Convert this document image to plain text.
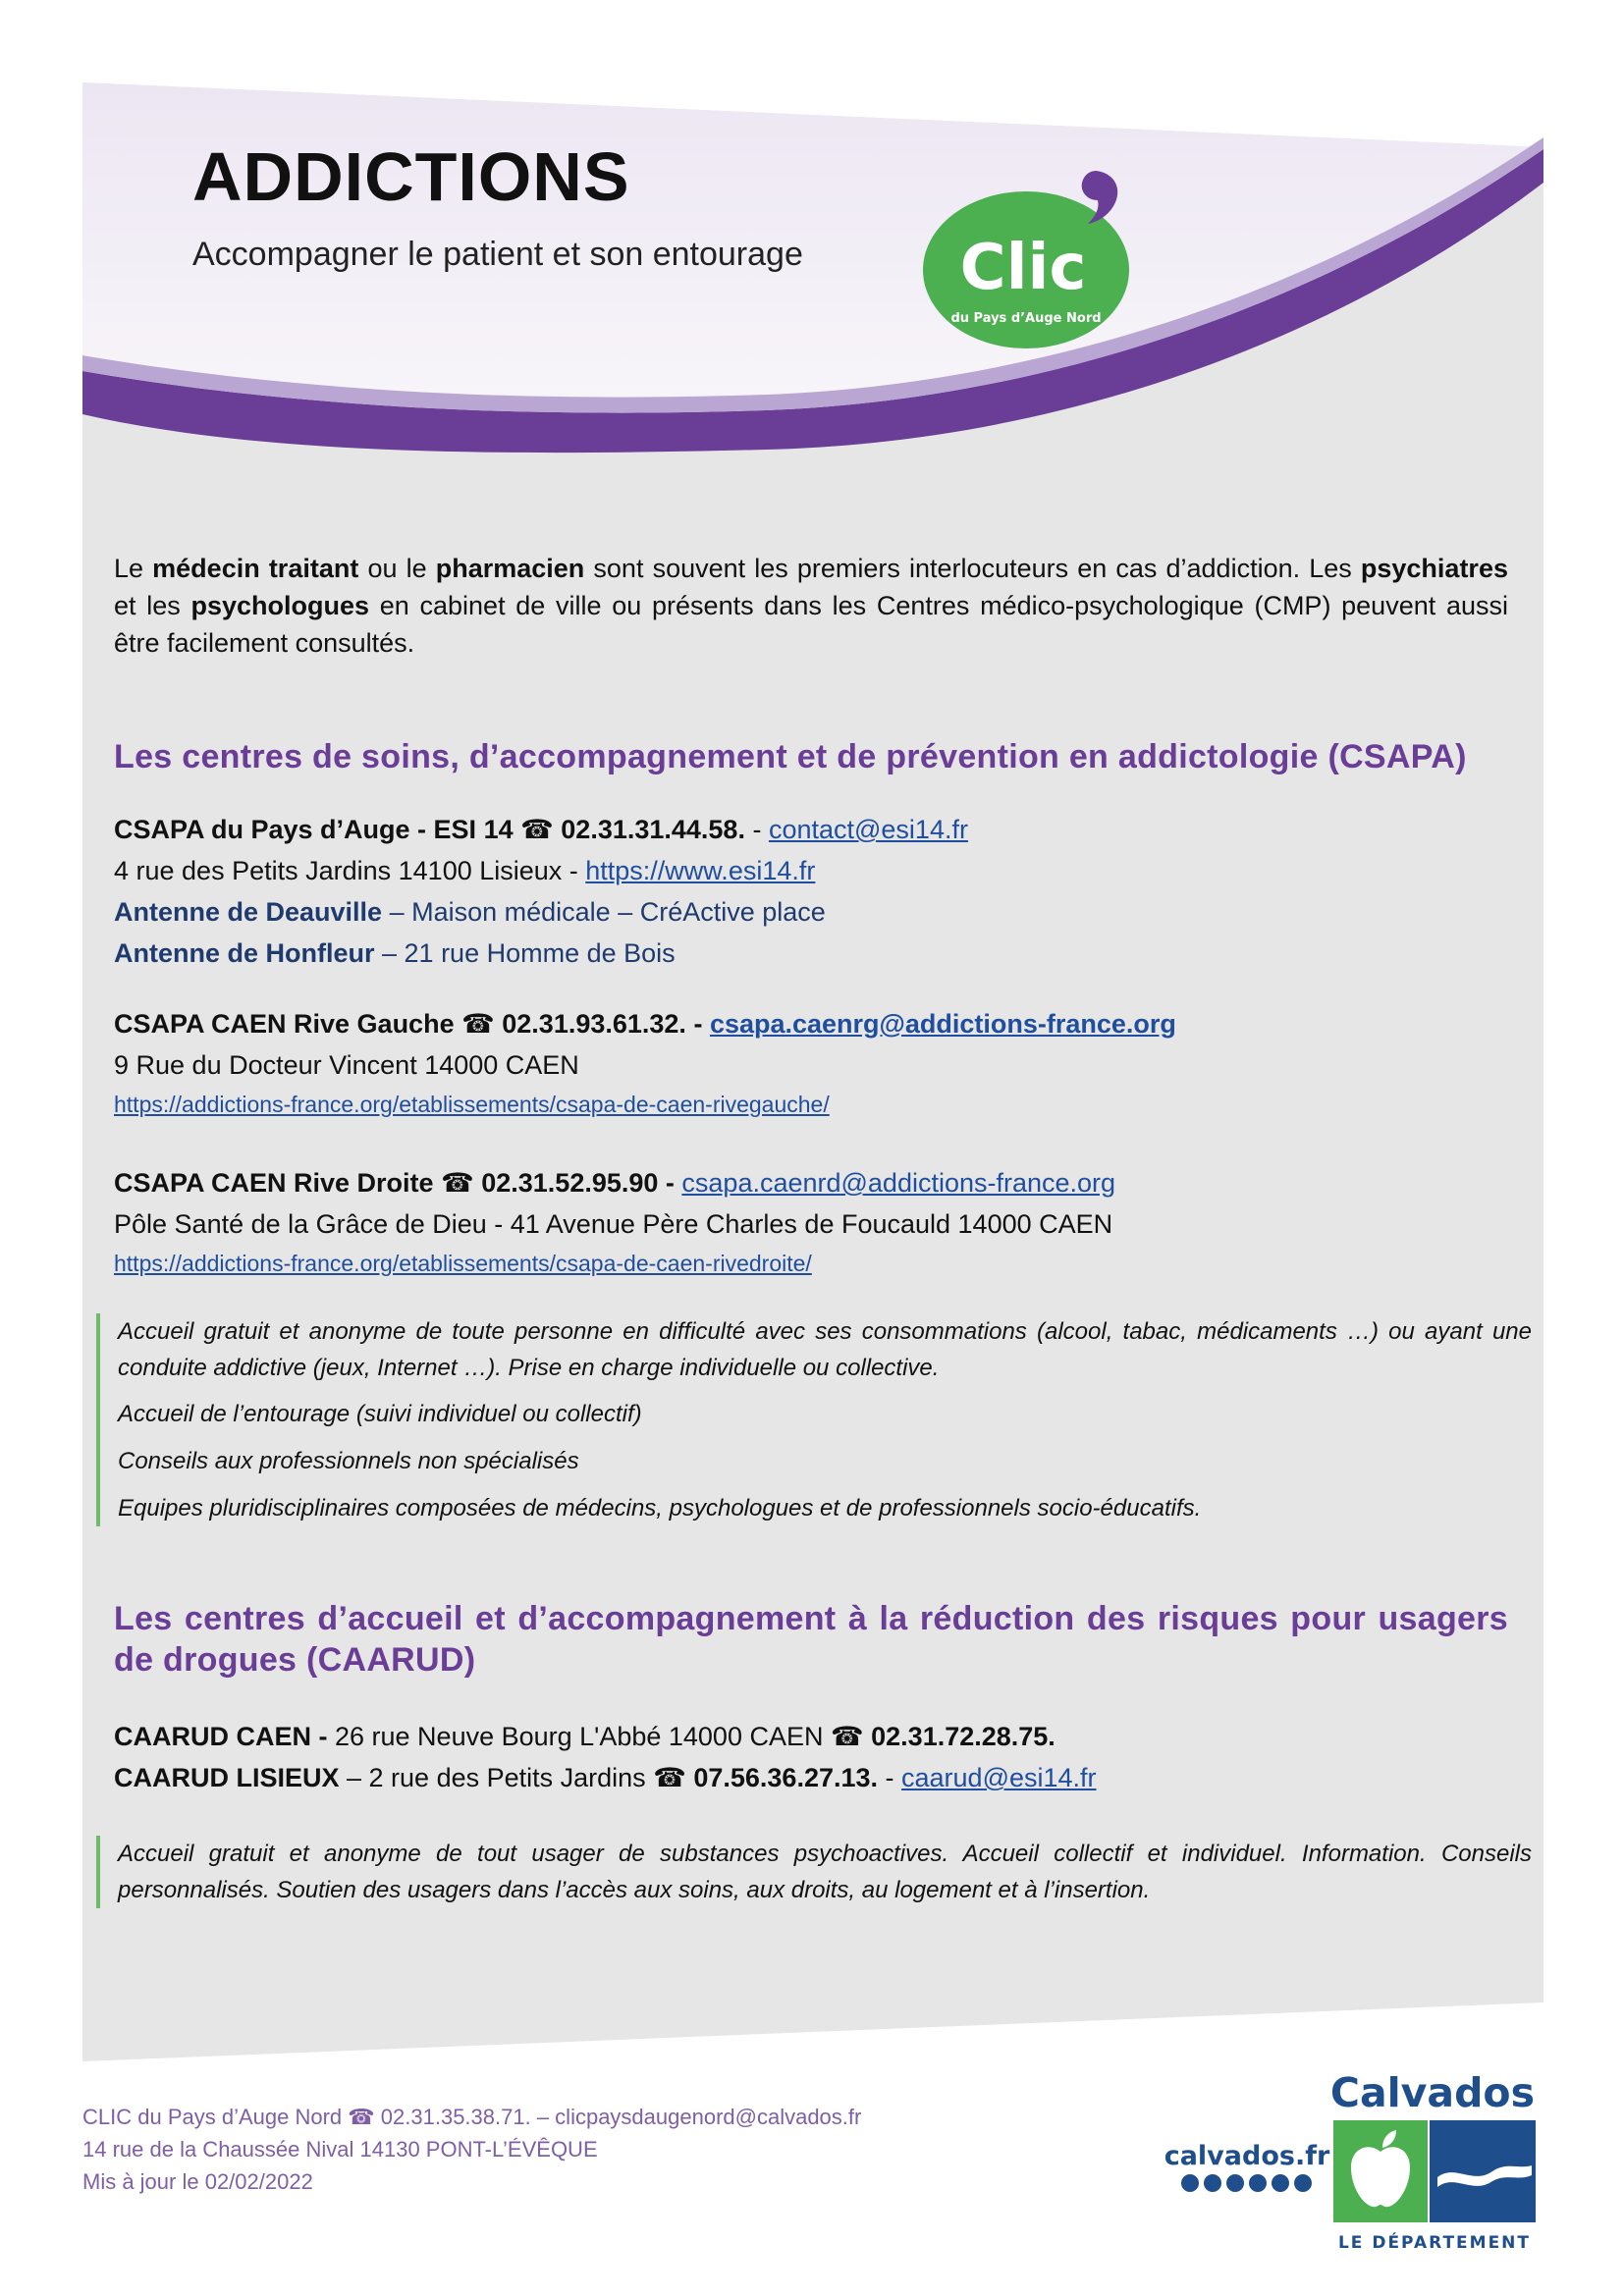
ADDICTIONS
Accompagner le patient et son entourage Clic
du Pays d’Auge Nord
Le médecin traitant ou le pharmacien sont souvent les premiers interlocuteurs en cas d’addiction. Les psychiatres et les psychologues en cabinet de ville ou présents dans les Centres médico-psychologique (CMP) peuvent aussi être facilement consultés.
Les centres de soins, d’accompagnement et de prévention en addictologie (CSAPA)
CSAPA du Pays d’Auge - ESI 14 ☎ 02.31.31.44.58. - contact@esi14.fr
4 rue des Petits Jardins 14100 Lisieux - https://www.esi14.fr
Antenne de Deauville – Maison médicale – CréActive place
Antenne de Honfleur – 21 rue Homme de Bois
CSAPA CAEN Rive Gauche ☎ 02.31.93.61.32. - csapa.caenrg@addictions-france.org
9 Rue du Docteur Vincent 14000 CAEN
https://addictions-france.org/etablissements/csapa-de-caen-rivegauche/
CSAPA CAEN Rive Droite ☎ 02.31.52.95.90 - csapa.caenrd@addictions-france.org
Pôle Santé de la Grâce de Dieu - 41 Avenue Père Charles de Foucauld 14000 CAEN
https://addictions-france.org/etablissements/csapa-de-caen-rivedroite/

Accueil gratuit et anonyme de toute personne en difficulté avec ses consommations (alcool, tabac, médicaments …) ou ayant une conduite addictive (jeux, Internet …). Prise en charge individuelle ou collective.

Accueil de l’entourage (suivi individuel ou collectif)

Conseils aux professionnels non spécialisés

Equipes pluridisciplinaires composées de médecins, psychologues et de professionnels socio-éducatifs.

Les centres d’accueil et d’accompagnement à la réduction des risques pour usagers de drogues (CAARUD)
CAARUD CAEN - 26 rue Neuve Bourg L'Abbé 14000 CAEN ☎ 02.31.72.28.75.
CAARUD LISIEUX – 2 rue des Petits Jardins ☎ 07.56.36.27.13. - caarud@esi14.fr
Accueil gratuit et anonyme de tout usager de substances psychoactives. Accueil collectif et individuel. Information. Conseils personnalisés. Soutien des usagers dans l’accès aux soins, aux droits, au logement et à l’insertion.
CLIC du Pays d’Auge Nord ☎ 02.31.35.38.71. – clicpaysdaugenord@calvados.fr
14 rue de la Chaussée Nival 14130 PONT-L’ÉVÊQUE
Mis à jour le 02/02/2022
Calvados
LE DÉPARTEMENT
calvados.fr
